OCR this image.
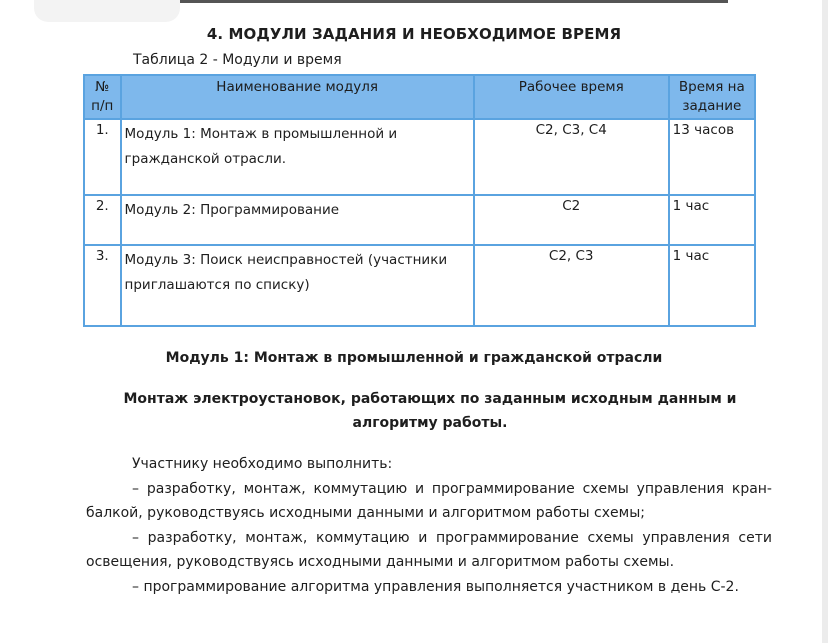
4. МОДУЛИ ЗАДАНИЯ И НЕОБХОДИМОЕ ВРЕМЯ
Таблица 2 - Модули и время
№ п/п	Наименование модуля	Рабочее время	Время на задание
1.	Модуль 1: Монтаж в промышленной и гражданской отрасли.	С2, С3, С4	13 часов
2.	Модуль 2: Программирование	С2	1 час
3.	Модуль 3: Поиск неисправностей (участники приглашаются по списку)	С2, С3	1 час
Модуль 1: Монтаж в промышленной и гражданской отрасли
Монтаж электроустановок, работающих по заданным исходным данным и алгоритму работы.

Участнику необходимо выполнить:

– разработку, монтаж, коммутацию и программирование схемы управления кран-балкой, руководствуясь исходными данными и алгоритмом работы схемы;

– разработку, монтаж, коммутацию и программирование схемы управления сети освещения, руководствуясь исходными данными и алгоритмом работы схемы.

– программирование алгоритма управления выполняется участником в день С-2.
